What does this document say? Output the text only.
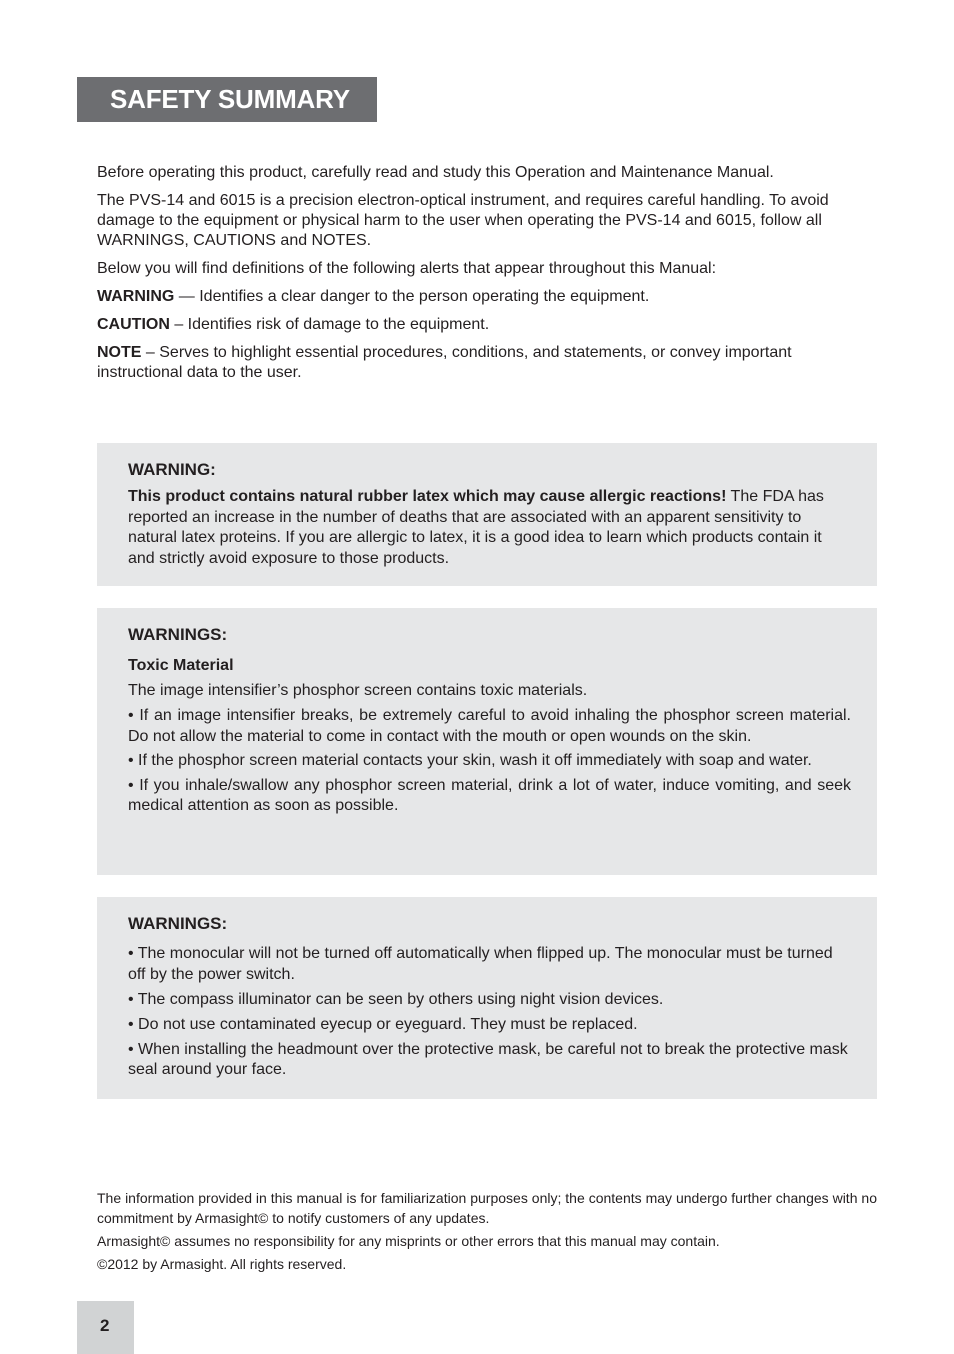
SAFETY SUMMARY

Before operating this product, carefully read and study this Operation and Maintenance Manual.

The PVS-14 and 6015 is a precision electron-optical instrument, and requires careful handling. To avoid damage to the equipment or physical harm to the user when operating the PVS-14 and 6015, follow all WARNINGS, CAUTIONS and NOTES.

Below you will find definitions of the following alerts that appear throughout this Manual:

WARNING — Identifies a clear danger to the person operating the equipment.

CAUTION – Identifies risk of damage to the equipment.

NOTE – Serves to highlight essential procedures, conditions, and statements, or convey important instructional data to the user.

WARNING:

This product contains natural rubber latex which may cause allergic reactions! The FDA has reported an increase in the number of deaths that are associated with an apparent sensitivity to natural latex proteins. If you are allergic to latex, it is a good idea to learn which products contain it and strictly avoid exposure to those products.

WARNINGS:

Toxic Material

The image intensifier’s phosphor screen contains toxic materials.

• If an image intensifier breaks, be extremely careful to avoid inhaling the phosphor screen material. Do not allow the material to come in contact with the mouth or open wounds on the skin.

• If the phosphor screen material contacts your skin, wash it off immediately with soap and water.

• If you inhale/swallow any phosphor screen material, drink a lot of water, induce vomiting, and seek medical attention as soon as possible.

WARNINGS:

• The monocular will not be turned off automatically when flipped up. The monocular must be turned off by the power switch.

• The compass illuminator can be seen by others using night vision devices.

• Do not use contaminated eyecup or eyeguard. They must be replaced.

• When installing the headmount over the protective mask, be careful not to break the protective mask seal around your face.

The information provided in this manual is for familiarization purposes only; the contents may undergo further changes with no commitment by Armasight© to notify customers of any updates.

Armasight© assumes no responsibility for any misprints or other errors that this manual may contain.

©2012 by Armasight. All rights reserved.

2
